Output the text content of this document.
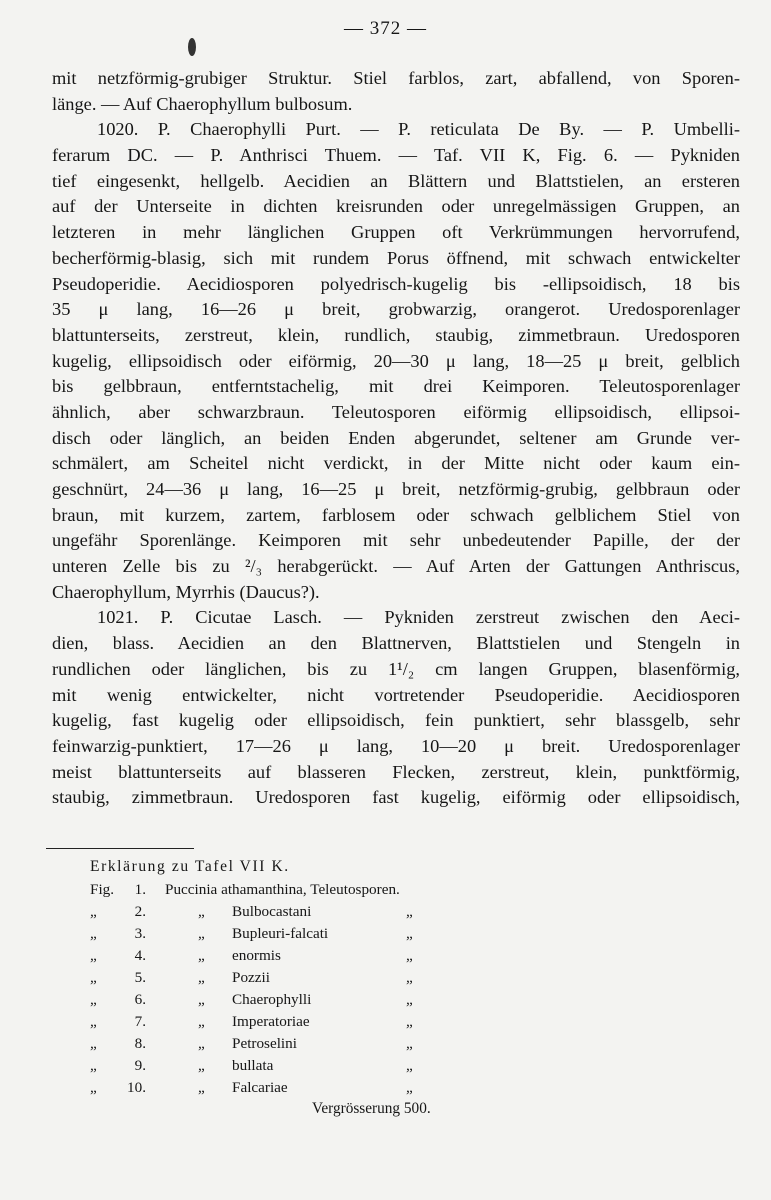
— 372 —
mit netzförmig-grubiger Struktur. Stiel farblos, zart, abfallend, von Sporen-
länge. — Auf Chaerophyllum bulbosum.
1020. P. Chaerophylli Purt. — P. reticulata De By. — P. Umbelli-
ferarum DC. — P. Anthrisci Thuem. — Taf. VII K, Fig. 6. — Pykniden
tief eingesenkt, hellgelb. Aecidien an Blättern und Blattstielen, an ersteren
auf der Unterseite in dichten kreisrunden oder unregelmässigen Gruppen, an
letzteren in mehr länglichen Gruppen oft Verkrümmungen hervorrufend,
becherförmig-blasig, sich mit rundem Porus öffnend, mit schwach entwickelter
Pseudoperidie. Aecidiosporen polyedrisch-kugelig bis -ellipsoidisch, 18 bis
35 μ lang, 16—26 μ breit, grobwarzig, orangerot. Uredosporenlager
blattunterseits, zerstreut, klein, rundlich, staubig, zimmetbraun. Uredosporen
kugelig, ellipsoidisch oder eiförmig, 20—30 μ lang, 18—25 μ breit, gelblich
bis gelbbraun, entferntstachelig, mit drei Keimporen. Teleutosporenlager
ähnlich, aber schwarzbraun. Teleutosporen eiförmig ellipsoidisch, ellipsoi-
disch oder länglich, an beiden Enden abgerundet, seltener am Grunde ver-
schmälert, am Scheitel nicht verdickt, in der Mitte nicht oder kaum ein-
geschnürt, 24—36 μ lang, 16—25 μ breit, netzförmig-grubig, gelbbraun oder
braun, mit kurzem, zartem, farblosem oder schwach gelblichem Stiel von
ungefähr Sporenlänge. Keimporen mit sehr unbedeutender Papille, der der
unteren Zelle bis zu ²/₃ herabgerückt. — Auf Arten der Gattungen Anthriscus,
Chaerophyllum, Myrrhis (Daucus?).
1021. P. Cicutae Lasch. — Pykniden zerstreut zwischen den Aeci-
dien, blass. Aecidien an den Blattnerven, Blattstielen und Stengeln in
rundlichen oder länglichen, bis zu 1¹/₂ cm langen Gruppen, blasenförmig,
mit wenig entwickelter, nicht vortretender Pseudoperidie. Aecidiosporen
kugelig, fast kugelig oder ellipsoidisch, fein punktiert, sehr blassgelb, sehr
feinwarzig-punktiert, 17—26 μ lang, 10—20 μ breit. Uredosporenlager
meist blattunterseits auf blasseren Flecken, zerstreut, klein, punktförmig,
staubig, zimmetbraun. Uredosporen fast kugelig, eiförmig oder ellipsoidisch,
Erklärung zu Tafel VII K.
Fig.	1. Puccinia athamanthina, Teleutosporen.
„	2.	„ Bulbocastani	„
„	3.	„ Bupleuri-falcati	„
„	4.	„ enormis	„
„	5.	„ Pozzii	„
„	6.	„ Chaerophylli	„
„	7.	„ Imperatoriae	„
„	8.	„ Petroselini	„
„	9.	„ bullata	„
„	10.	„ Falcariae	„
Vergrösserung 500.
